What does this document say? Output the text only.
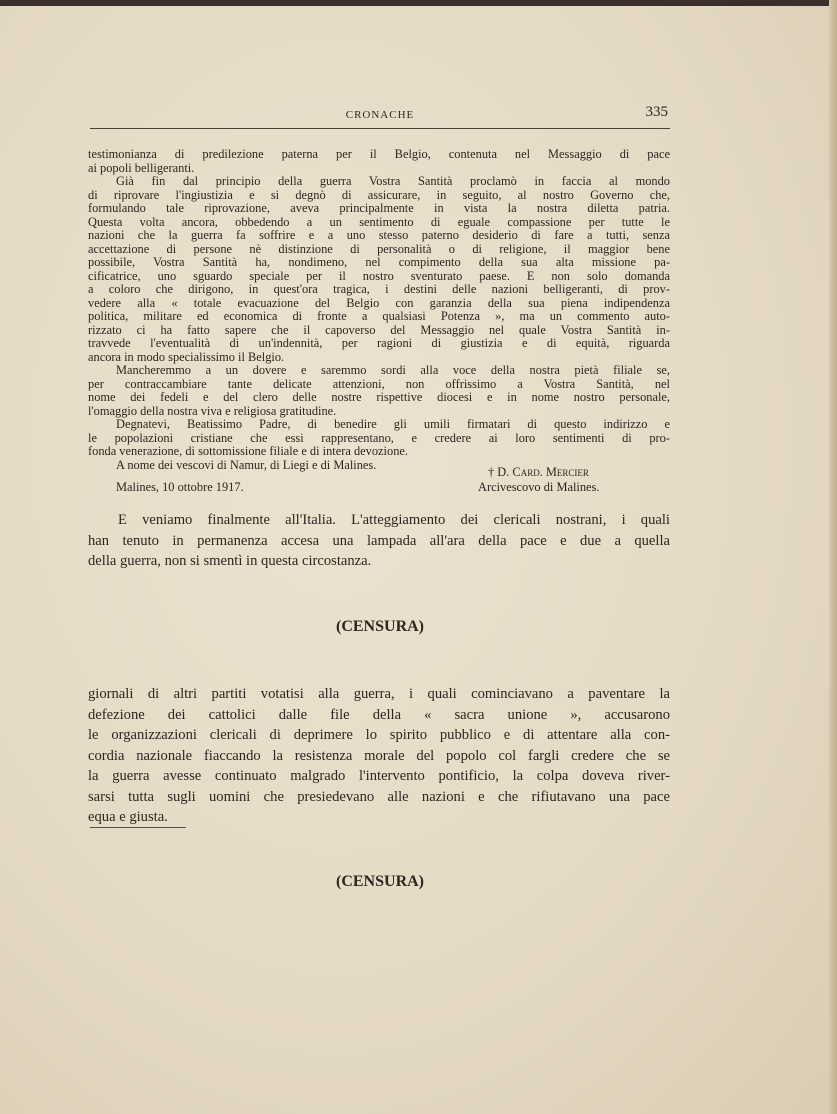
CRONACHE	335
testimonianza di predilezione paterna per il Belgio, contenuta nel Messaggio di pace
ai popoli belligeranti.
Già fin dal principio della guerra Vostra Santità proclamò in faccia al mondo
di riprovare l'ingiustizia e si degnò di assicurare, in seguito, al nostro Governo che,
formulando tale riprovazione, aveva principalmente in vista la nostra diletta patria.
Questa volta ancora, obbedendo a un sentimento di eguale compassione per tutte le
nazioni che la guerra fa soffrire e a uno stesso paterno desiderio di fare a tutti, senza
accettazione di persone nè distinzione di personalità o di religione, il maggior bene
possibile, Vostra Santità ha, nondimeno, nel compimento della sua alta missione pa-
cificatrice, uno sguardo speciale per il nostro sventurato paese. E non solo domanda
a coloro che dirigono, in quest'ora tragica, i destini delle nazioni belligeranti, di prov-
vedere alla « totale evacuazione del Belgio con garanzia della sua piena indipendenza
politica, militare ed economica di fronte a qualsiasi Potenza », ma un commento auto-
rizzato ci ha fatto sapere che il capoverso del Messaggio nel quale Vostra Santità in-
travvede l'eventualità di un'indennità, per ragioni di giustizia e di equità, riguarda
ancora in modo specialissimo il Belgio.
Mancheremmo a un dovere e saremmo sordi alla voce della nostra pietà filiale se,
per contraccambiare tante delicate attenzioni, non offrissimo a Vostra Santità, nel
nome dei fedeli e del clero delle nostre rispettive diocesi e in nome nostro personale,
l'omaggio della nostra viva e religiosa gratitudine.
Degnatevi, Beatissimo Padre, di benedire gli umili firmatari di questo indirizzo e
le popolazioni cristiane che essi rappresentano, e credere ai loro sentimenti di pro-
fonda venerazione, di sottomissione filiale e di intera devozione.
A nome dei vescovi di Namur, di Liegi e di Malines.
† D. Card. Mercier
Malines, 10 ottobre 1917.	Arcivescovo di Malines.
E veniamo finalmente all'Italia. L'atteggiamento dei clericali nostrani, i quali
han tenuto in permanenza accesa una lampada all'ara della pace e due a quella
della guerra, non si smentì in questa circostanza.
(CENSURA)
giornali di altri partiti votatisi alla guerra, i quali cominciavano a paventare la
defezione dei cattolici dalle file della « sacra unione », accusarono
le organizzazioni clericali di deprimere lo spirito pubblico e di attentare alla con-
cordia nazionale fiaccando la resistenza morale del popolo col fargli credere che se
la guerra avesse continuato malgrado l'intervento pontificio, la colpa doveva river-
sarsi tutta sugli uomini che presiedevano alle nazioni e che rifiutavano una pace
equa e giusta.
(CENSURA)
